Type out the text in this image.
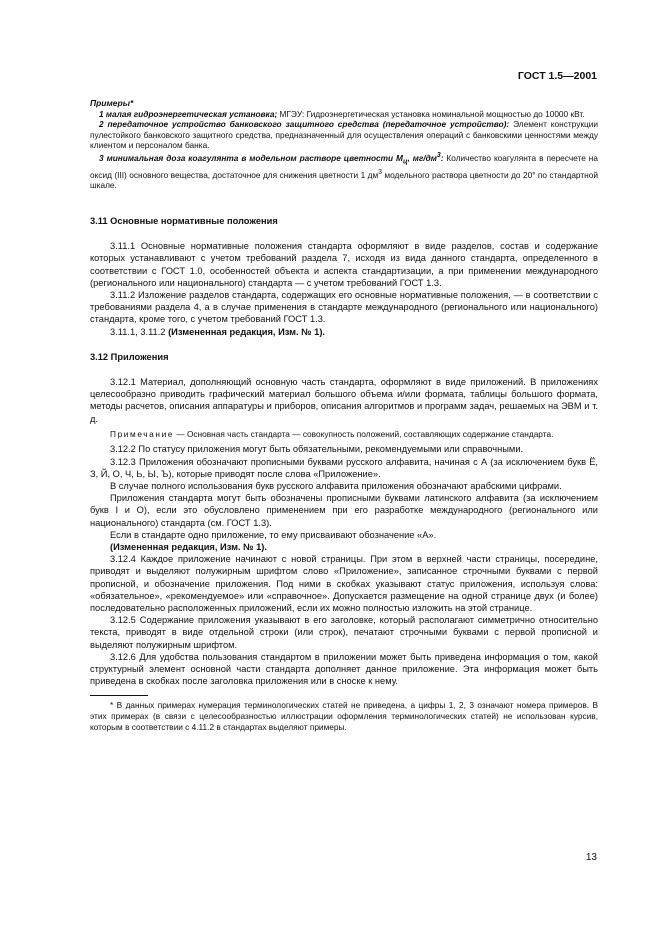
ГОСТ 1.5—2001

Примеры*

1 малая гидроэнергетическая установка; МГЭУ: Гидроэнергетическая установка номинальной мощностью до 10000 кВт.

2 передаточное устройство банковского защитного средства (передаточное устройство): Элемент конструкции пулестойкого банковского защитного средства, предназначенный для осуществления операций с банковскими ценностями между клиентом и персоналом банка.

3 минимальная доза коагулянта в модельном растворе цветности $М_ц$, $мг/дм^3$: Количество коагулянта в пересчете на оксид (III) основного вещества, достаточное для снижения цветности 1 $дм^3$ модельного раствора цветности до 20° по стандартной шкале.

3.11 Основные нормативные положения

3.11.1 Основные нормативные положения стандарта оформляют в виде разделов, состав и содержание которых устанавливают с учетом требований раздела 7, исходя из вида данного стандарта, определенного в соответствии с ГОСТ 1.0, особенностей объекта и аспекта стандартизации, а при применении международного (регионального или национального) стандарта — с учетом требований ГОСТ 1.3.

3.11.2 Изложение разделов стандарта, содержащих его основные нормативные положения, — в соответствии с требованиями раздела 4, а в случае применения в стандарте международного (регионального или национального) стандарта, кроме того, с учетом требований ГОСТ 1.3.

3.11.1, 3.11.2 (Измененная редакция, Изм. № 1).

3.12 Приложения

3.12.1 Материал, дополняющий основную часть стандарта, оформляют в виде приложений. В приложениях целесообразно приводить графический материал большого объема и/или формата, таблицы большого формата, методы расчетов, описания аппаратуры и приборов, описания алгоритмов и программ задач, решаемых на ЭВМ и т. д.

Примечание — Основная часть стандарта — совокупность положений, составляющих содержание стандарта.

3.12.2 По статусу приложения могут быть обязательными, рекомендуемыми или справочными.

3.12.3 Приложения обозначают прописными буквами русского алфавита, начиная с А (за исключением букв Ё, З, Й, О, Ч, Ь, Ы, Ъ), которые приводят после слова «Приложение».

В случае полного использования букв русского алфавита приложения обозначают арабскими цифрами.

Приложения стандарта могут быть обозначены прописными буквами латинского алфавита (за исключением букв I и O), если это обусловлено применением при его разработке международного (регионального или национального) стандарта (см. ГОСТ 1.3).

Если в стандарте одно приложение, то ему присваивают обозначение «А».

(Измененная редакция, Изм. № 1).

3.12.4 Каждое приложение начинают с новой страницы. При этом в верхней части страницы, посередине, приводят и выделяют полужирным шрифтом слово «Приложение», записанное строчными буквами с первой прописной, и обозначение приложения. Под ними в скобках указывают статус приложения, используя слова: «обязательное», «рекомендуемое» или «справочное». Допускается размещение на одной странице двух (и более) последовательно расположенных приложений, если их можно полностью изложить на этой странице.

3.12.5 Содержание приложения указывают в его заголовке, который располагают симметрично относительно текста, приводят в виде отдельной строки (или строк), печатают строчными буквами с первой прописной и выделяют полужирным шрифтом.

3.12.6 Для удобства пользования стандартом в приложении может быть приведена информация о том, какой структурный элемент основной части стандарта дополняет данное приложение. Эта информация может быть приведена в скобках после заголовка приложения или в сноске к нему.

* В данных примерах нумерация терминологических статей не приведена, а цифры 1, 2, 3 означают номера примеров. В этих примерах (в связи с целесообразностью иллюстрации оформления терминологических статей) не использован курсив, которым в соответствии с 4.11.2 в стандартах выделяют примеры.

13
